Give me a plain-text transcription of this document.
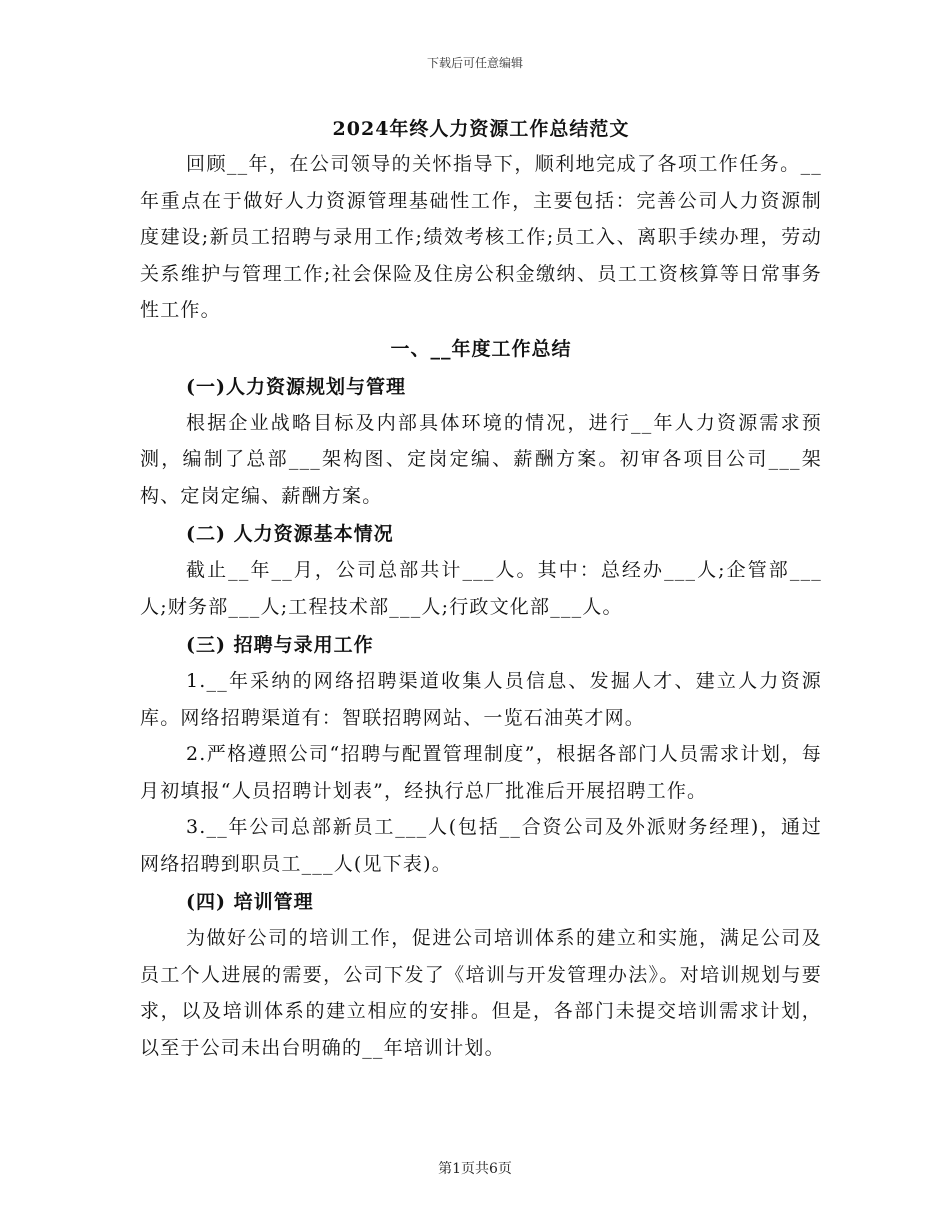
下载后可任意编辑
2024年终人力资源工作总结范文

回顾__年，在公司领导的关怀指导下，顺利地完成了各项工作任务。__年重点在于做好人力资源管理基础性工作，主要包括：完善公司人力资源制度建设;新员工招聘与录用工作;绩效考核工作;员工入、离职手续办理，劳动关系维护与管理工作;社会保险及住房公积金缴纳、员工工资核算等日常事务性工作。

一、__年度工作总结
(一)人力资源规划与管理

根据企业战略目标及内部具体环境的情况，进行__年人力资源需求预测，编制了总部___架构图、定岗定编、薪酬方案。初审各项目公司___架构、定岗定编、薪酬方案。

(二) 人力资源基本情况

截止__年__月，公司总部共计___人。其中：总经办___人;企管部___人;财务部___人;工程技术部___人;行政文化部___人。

(三) 招聘与录用工作

1.__年采纳的网络招聘渠道收集人员信息、发掘人才、建立人力资源库。网络招聘渠道有：智联招聘网站、一览石油英才网。

2.严格遵照公司“招聘与配置管理制度”，根据各部门人员需求计划，每月初填报“人员招聘计划表”，经执行总厂批准后开展招聘工作。

3.__年公司总部新员工___人(包括__合资公司及外派财务经理)，通过网络招聘到职员工___人(见下表)。

(四) 培训管理

为做好公司的培训工作，促进公司培训体系的建立和实施，满足公司及员工个人进展的需要，公司下发了《培训与开发管理办法》。对培训规划与要求，以及培训体系的建立相应的安排。但是，各部门未提交培训需求计划，以至于公司未出台明确的__年培训计划。

第1页共6页
